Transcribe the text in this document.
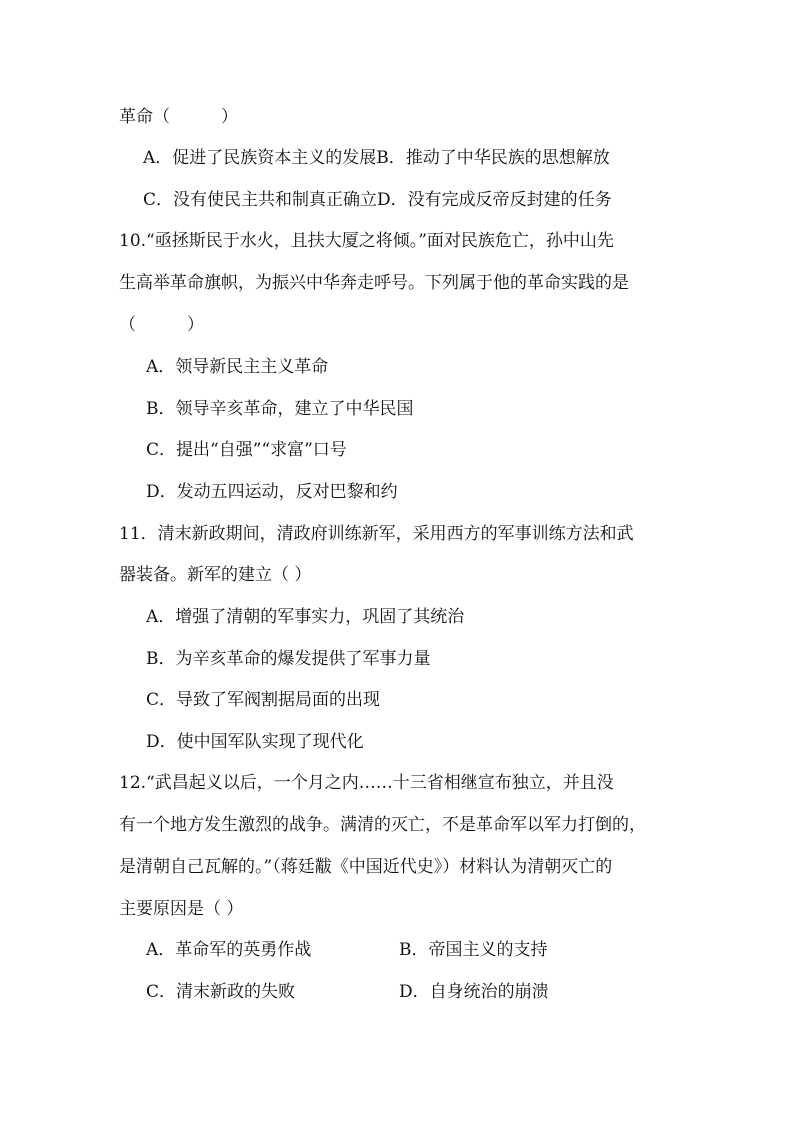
革命（　　　）
A．促进了民族资本主义的发展B．推动了中华民族的思想解放
C．没有使民主共和制真正确立D．没有完成反帝反封建的任务
10.“亟拯斯民于水火，且扶大厦之将倾。”面对民族危亡，孙中山先
生高举革命旗帜，为振兴中华奔走呼号。下列属于他的革命实践的是
（　　　）
A．领导新民主主义革命
B．领导辛亥革命，建立了中华民国
C．提出“自强”“求富”口号
D．发动五四运动，反对巴黎和约
11．清末新政期间，清政府训练新军，采用西方的军事训练方法和武
器装备。新军的建立（ ）
A．增强了清朝的军事实力，巩固了其统治
B．为辛亥革命的爆发提供了军事力量
C．导致了军阀割据局面的出现
D．使中国军队实现了现代化
12.“武昌起义以后，一个月之内……十三省相继宣布独立，并且没
有一个地方发生激烈的战争。满清的灭亡，不是革命军以军力打倒的，
是清朝自己瓦解的。”（蒋廷黻《中国近代史》）材料认为清朝灭亡的
主要原因是（ ）
A．革命军的英勇作战	B．帝国主义的支持
C．清末新政的失败	D．自身统治的崩溃
